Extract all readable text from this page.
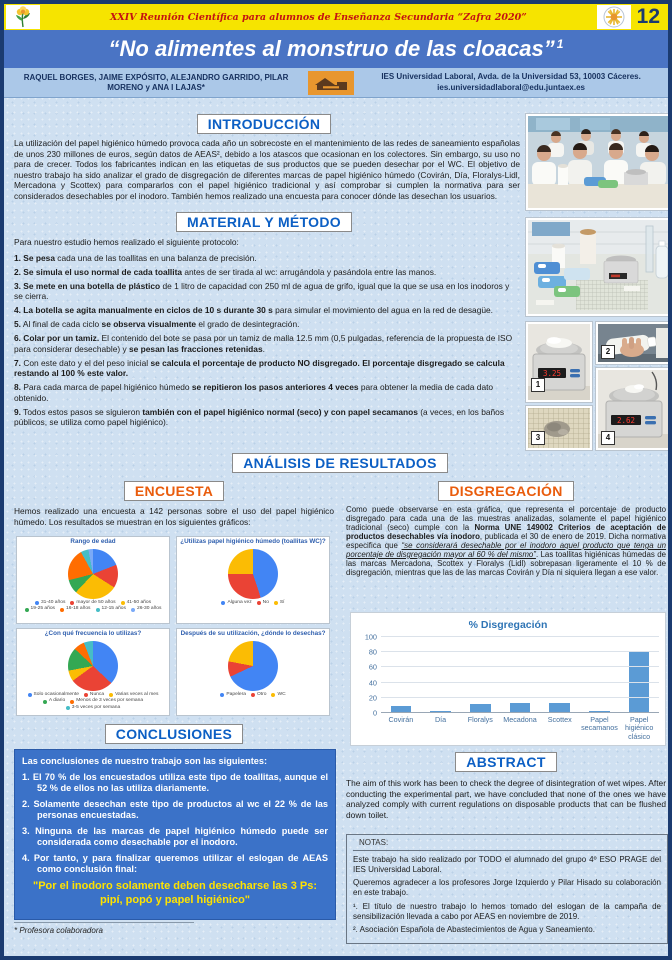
XXIV Reunión Científica para alumnos de Enseñanza Secundaria “Zafra 2020”	12
“No alimentes al monstruo de las cloacas” $^1$
RAQUEL BORGES, JAIME EXPÓSITO, ALEJANDRO GARRIDO, PILAR MORENO y ANA I LAJAS*
IES Universidad Laboral, Avda. de la Universidad 53, 10003 Cáceres.
ies.universidadlaboral@edu.juntaex.es
INTRODUCCIÓN
La utilización del papel higiénico húmedo provoca cada año un sobrecoste en el mantenimiento de las redes de saneamiento españolas de unos 230 millones de euros, según datos de AEAS², debido a los atascos que ocasionan en los colectores. Sin embargo, su uso no para de crecer. Todos los fabricantes indican en las etiquetas de sus productos que se pueden desechar por el WC. El objetivo de nuestro trabajo ha sido analizar el grado de disgregación de diferentes marcas de papel higiénico húmedo (Covirán, Día, Floralys-Lidl, Mercadona y Scottex) para compararlos con el papel higiénico tradicional y así comprobar si cumplen la normativa para ser considerados desechables por el inodoro. También hemos realizado una encuesta para conocer dónde las desechan los usuarios.
MATERIAL Y MÉTODO

Para nuestro estudio hemos realizado el siguiente protocolo:

1. Se pesa cada una de las toallitas en una balanza de precisión.

2. Se simula el uso normal de cada toallita antes de ser tirada al wc: arrugándola y pasándola entre las manos.

3. Se mete en una botella de plástico de 1 litro de capacidad con 250 ml de agua de grifo, igual que la que se usa en los inodoros y se cierra.

4. La botella se agita manualmente en ciclos de 10 s durante 30 s para simular el movimiento del agua en la red de desagüe.

5. Al final de cada ciclo se observa visualmente el grado de desintegración.

6. Colar por un tamiz. El contenido del bote se pasa por un tamiz de malla 12.5 mm (0,5 pulgadas, referencia de la propuesta de ISO para considerar desechable) y se pesan las fracciones retenidas.

7. Con este dato y el del peso inicial se calcula el porcentaje de producto NO disgregado. El porcentaje disgregado se calcula restando al 100 % este valor.

8. Para cada marca de papel higiénico húmedo se repitieron los pasos anteriores 4 veces para obtener la media de cada dato obtenido.

9. Todos estos pasos se siguieron también con el papel higiénico normal (seco) y con papel secamanos (a veces, en los baños públicos, se utiliza como papel higiénico).

3.25
1
2
3
2.62
4
ANÁLISIS DE RESULTADOS
ENCUESTA
Hemos realizado una encuesta a 142 personas sobre el uso del papel higiénico húmedo. Los resultados se muestran en los siguientes gráficos:
Rango de edad
31-40 años	mayor de 50 años	41-50 años
19-25 años	16-18 años	12-15 años	26-30 años
¿Utilizas papel higiénico húmedo (toallitas WC)?
Alguna vez	No	Sí
¿Con qué frecuencia lo utilizas?
Solo ocasionalmente	Nunca	Varias veces al mes
A diario	Menos de 3 veces por semana
3-5 veces por semana
Después de su utilización, ¿dónde lo desechas?
Papelera	Otro	WC
DISGREGACIÓN
Como puede observarse en esta gráfica, que representa el porcentaje de producto disgregado para cada una de las muestras analizadas, solamente el papel higiénico tradicional (seco) cumple con la Norma UNE 149002 Criterios de aceptación de productos desechables vía inodoro, publicada el 30 de enero de 2019. Dicha normativa especifica que “se considerará desechable por el inodoro aquel producto que tenga un porcentaje de disgregación mayor al 60 % del mismo”. Las toallitas higiénicas húmedas de las marcas Mercadona, Scottex y Floralys (Lidl) sobrepasan ligeramente el 10 % de disgregación, mientras que las de las marcas Covirán y Día ni siquiera llegan a ese valor.
% Disgregación
0
20
40
60
80
100
Covirán	Día	Floralys	Mecadona	Scottex	Papel secamanos
Papel higiénico clásico
CONCLUSIONES

Las conclusiones de nuestro trabajo son las siguientes:

1. El 70 % de los encuestados utiliza este tipo de toallitas, aunque el 52 % de ellos no las utiliza diariamente.

2. Solamente desechan este tipo de productos al wc el 22 % de las personas encuestadas.

3. Ninguna de las marcas de papel higiénico húmedo puede ser considerada como desechable por el inodoro.

4. Por tanto, y para finalizar queremos utilizar el eslogan de AEAS como conclusión final:

"Por el inodoro solamente deben desecharse las 3 Ps: pipí, popó y papel higiénico"

* Profesora colaboradora
ABSTRACT
The aim of this work has been to check the degree of disintegration of wet wipes. After conducting the experimental part, we have concluded that none of the ones we have analyzed comply with current regulations on disposable products that can be flushed down toilet.

NOTAS:

Este trabajo ha sido realizado por TODO el alumnado del grupo 4º ESO PRAGE del IES Universidad Laboral.

Queremos agradecer a los profesores Jorge Izquierdo y Pilar Hisado su colaboración en este trabajo.

¹. El título de nuestro trabajo lo hemos tomado del eslogan de la campaña de sensibilización llevada a cabo por AEAS en noviembre de 2019.

². Asociación Española de Abastecimientos de Agua y Saneamiento.
